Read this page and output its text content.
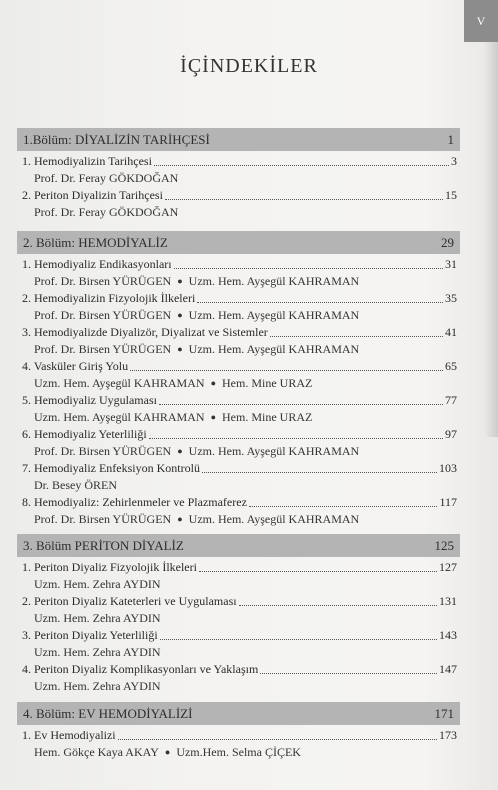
V
İÇİNDEKİLER
1.Bölüm: DİYALİZİN TARİHÇESİ	1
1. Hemodiyalizin Tarihçesi	3
Prof. Dr. Feray GÖKDOĞAN
2. Periton Diyalizin Tarihçesi	15
Prof. Dr. Feray GÖKDOĞAN
2. Bölüm: HEMODİYALİZ	29
1. Hemodiyaliz Endikasyonları	31
Prof. Dr. Birsen YÜRÜGEN ● Uzm. Hem. Ayşegül KAHRAMAN
2. Hemodiyalizin Fizyolojik İlkeleri	35
Prof. Dr. Birsen YÜRÜGEN ● Uzm. Hem. Ayşegül KAHRAMAN
3. Hemodiyalizde Diyalizör, Diyalizat ve Sistemler	41
Prof. Dr. Birsen YÜRÜGEN ● Uzm. Hem. Ayşegül KAHRAMAN
4. Vasküler Giriş Yolu	65
Uzm. Hem. Ayşegül KAHRAMAN ● Hem. Mine URAZ
5. Hemodiyaliz Uygulaması	77
Uzm. Hem. Ayşegül KAHRAMAN ● Hem. Mine URAZ
6. Hemodiyaliz Yeterliliği	97
Prof. Dr. Birsen YÜRÜGEN ● Uzm. Hem. Ayşegül KAHRAMAN
7. Hemodiyaliz Enfeksiyon Kontrolü	103
Dr. Besey ÖREN
8. Hemodiyaliz: Zehirlenmeler ve Plazmaferez	117
Prof. Dr. Birsen YÜRÜGEN ● Uzm. Hem. Ayşegül KAHRAMAN
3. Bölüm PERİTON DİYALİZ	125
1. Periton Diyaliz Fizyolojik İlkeleri	127
Uzm. Hem. Zehra AYDIN
2. Periton Diyaliz Kateterleri ve Uygulaması	131
Uzm. Hem. Zehra AYDIN
3. Periton Diyaliz Yeterliliği	143
Uzm. Hem. Zehra AYDIN
4. Periton Diyaliz Komplikasyonları ve Yaklaşım	147
Uzm. Hem. Zehra AYDIN
4. Bölüm: EV HEMODİYALİZİ	171
1. Ev Hemodiyalizi	173
Hem. Gökçe Kaya AKAY ● Uzm.Hem. Selma ÇİÇEK
